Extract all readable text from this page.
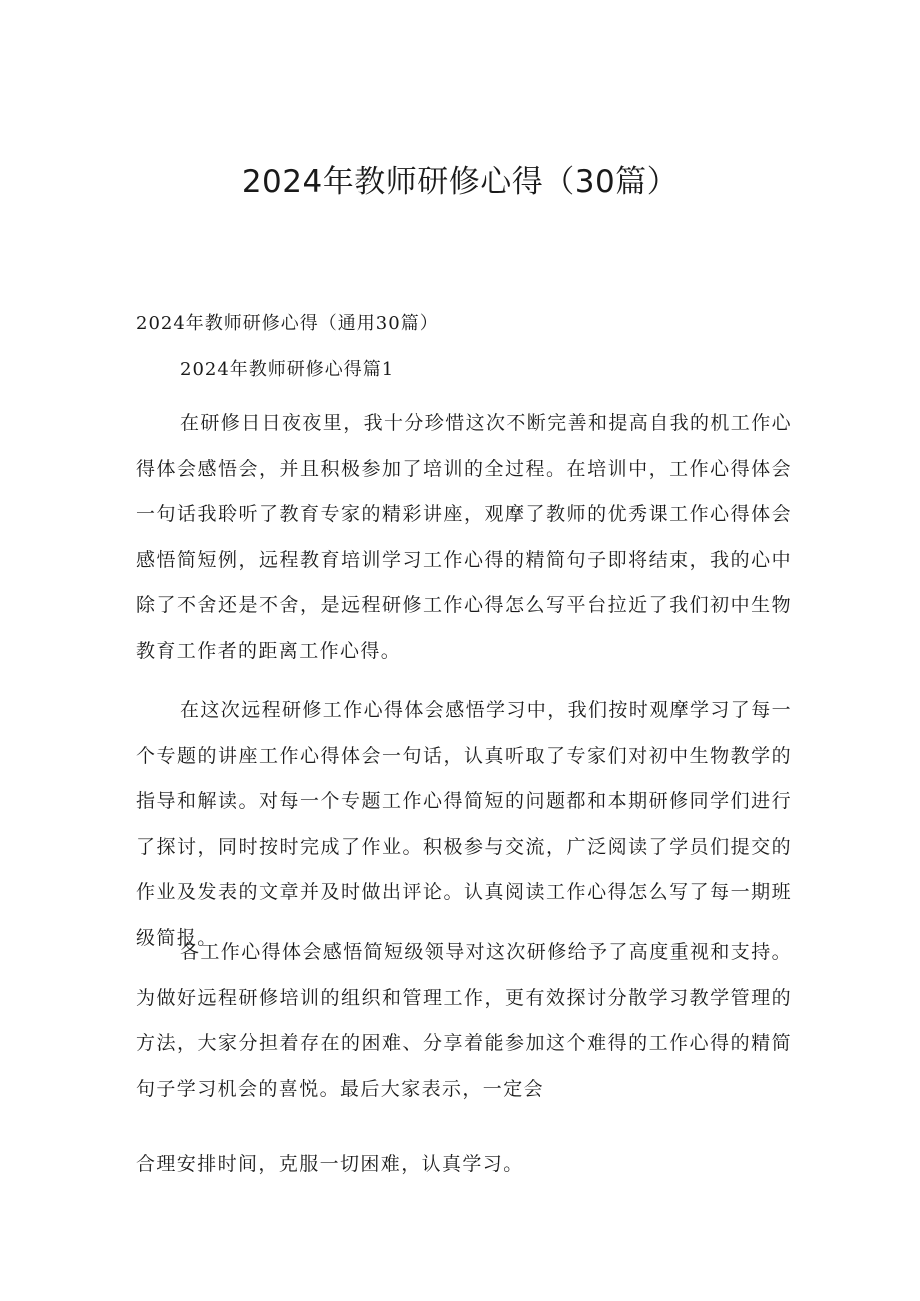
2024年教师研修心得（30篇）

2024年教师研修心得（通用30篇）

2024年教师研修心得篇1

在研修日日夜夜里，我十分珍惜这次不断完善和提高自我的机工作心得体会感悟会，并且积极参加了培训的全过程。在培训中，工作心得体会一句话我聆听了教育专家的精彩讲座，观摩了教师的优秀课工作心得体会感悟简短例，远程教育培训学习工作心得的精简句子即将结束，我的心中除了不舍还是不舍，是远程研修工作心得怎么写平台拉近了我们初中生物教育工作者的距离工作心得。

在这次远程研修工作心得体会感悟学习中，我们按时观摩学习了每一个专题的讲座工作心得体会一句话，认真听取了专家们对初中生物教学的指导和解读。对每一个专题工作心得简短的问题都和本期研修同学们进行了探讨，同时按时完成了作业。积极参与交流，广泛阅读了学员们提交的作业及发表的文章并及时做出评论。认真阅读工作心得怎么写了每一期班级简报。

各工作心得体会感悟简短级领导对这次研修给予了高度重视和支持。为做好远程研修培训的组织和管理工作，更有效探讨分散学习教学管理的方法，大家分担着存在的困难、分享着能参加这个难得的工作心得的精简句子学习机会的喜悦。最后大家表示，一定会

合理安排时间，克服一切困难，认真学习。
